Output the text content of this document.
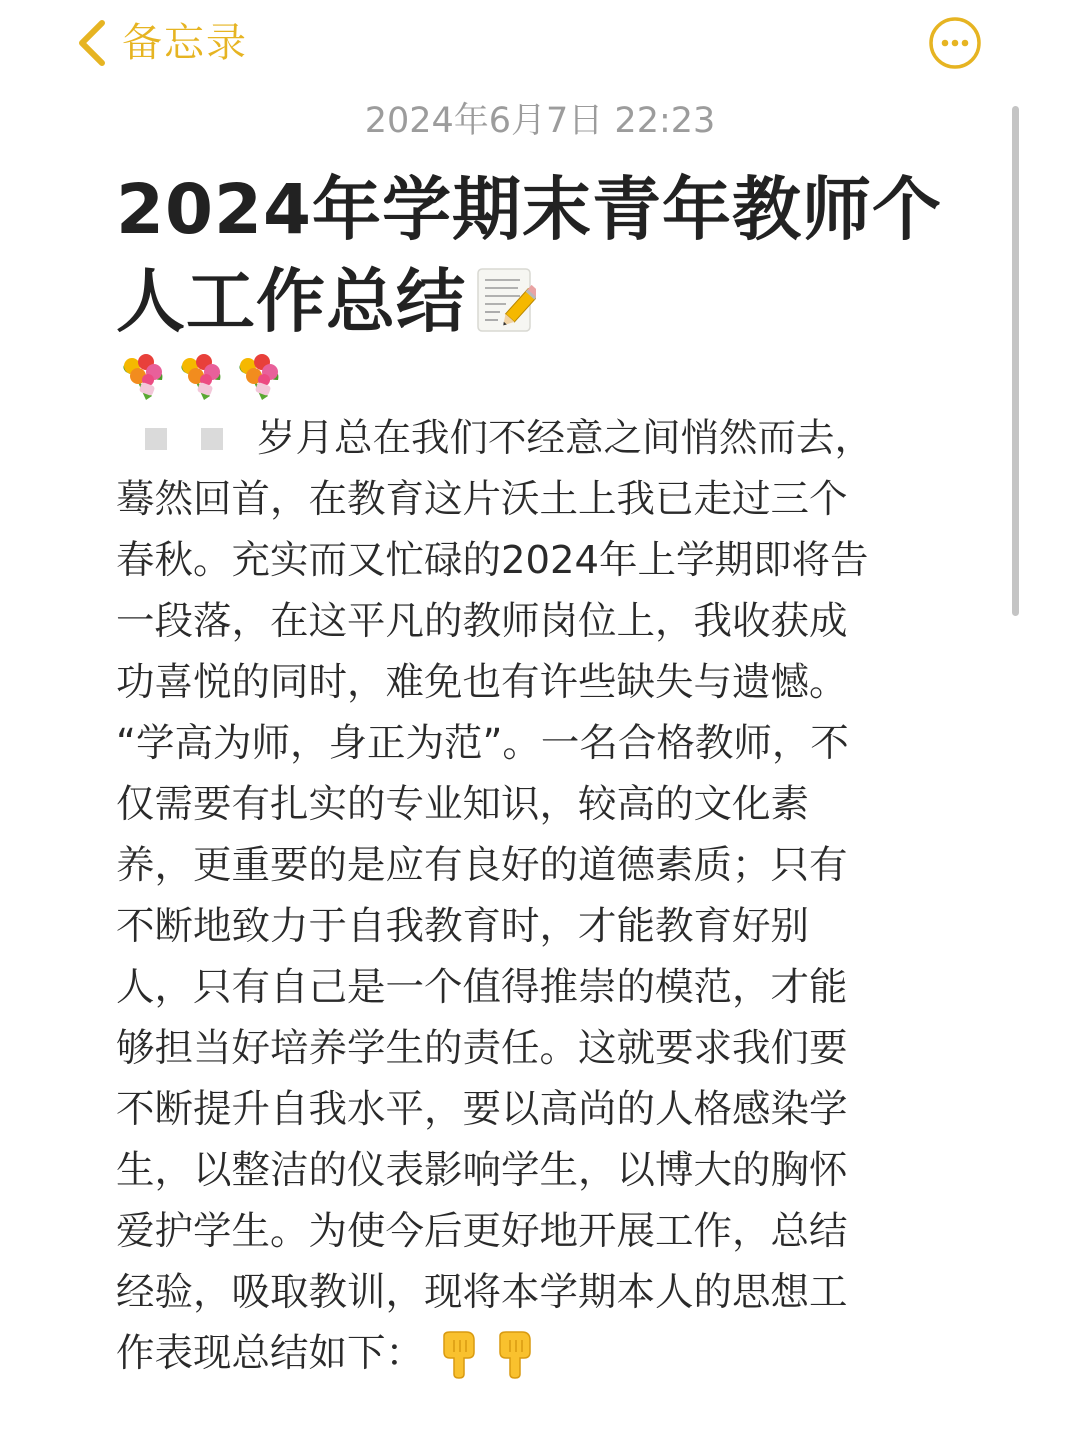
备忘录
2024年6月7日 22:23
2024年学期末青年教师个人工作总结
岁月总在我们不经意之间悄然而去，
蓦然回首，在教育这片沃土上我已走过三个
春秋。充实而又忙碌的2024年上学期即将告
一段落，在这平凡的教师岗位上，我收获成
功喜悦的同时，难免也有许些缺失与遗憾。
“学高为师，身正为范”。一名合格教师，不
仅需要有扎实的专业知识，较高的文化素
养，更重要的是应有良好的道德素质；只有
不断地致力于自我教育时，才能教育好别
人，只有自己是一个值得推崇的模范，才能
够担当好培养学生的责任。这就要求我们要
不断提升自我水平，要以高尚的人格感染学
生，以整洁的仪表影响学生，以博大的胸怀
爱护学生。为使今后更好地开展工作，总结
经验，吸取教训，现将本学期本人的思想工
作表现总结如下：
